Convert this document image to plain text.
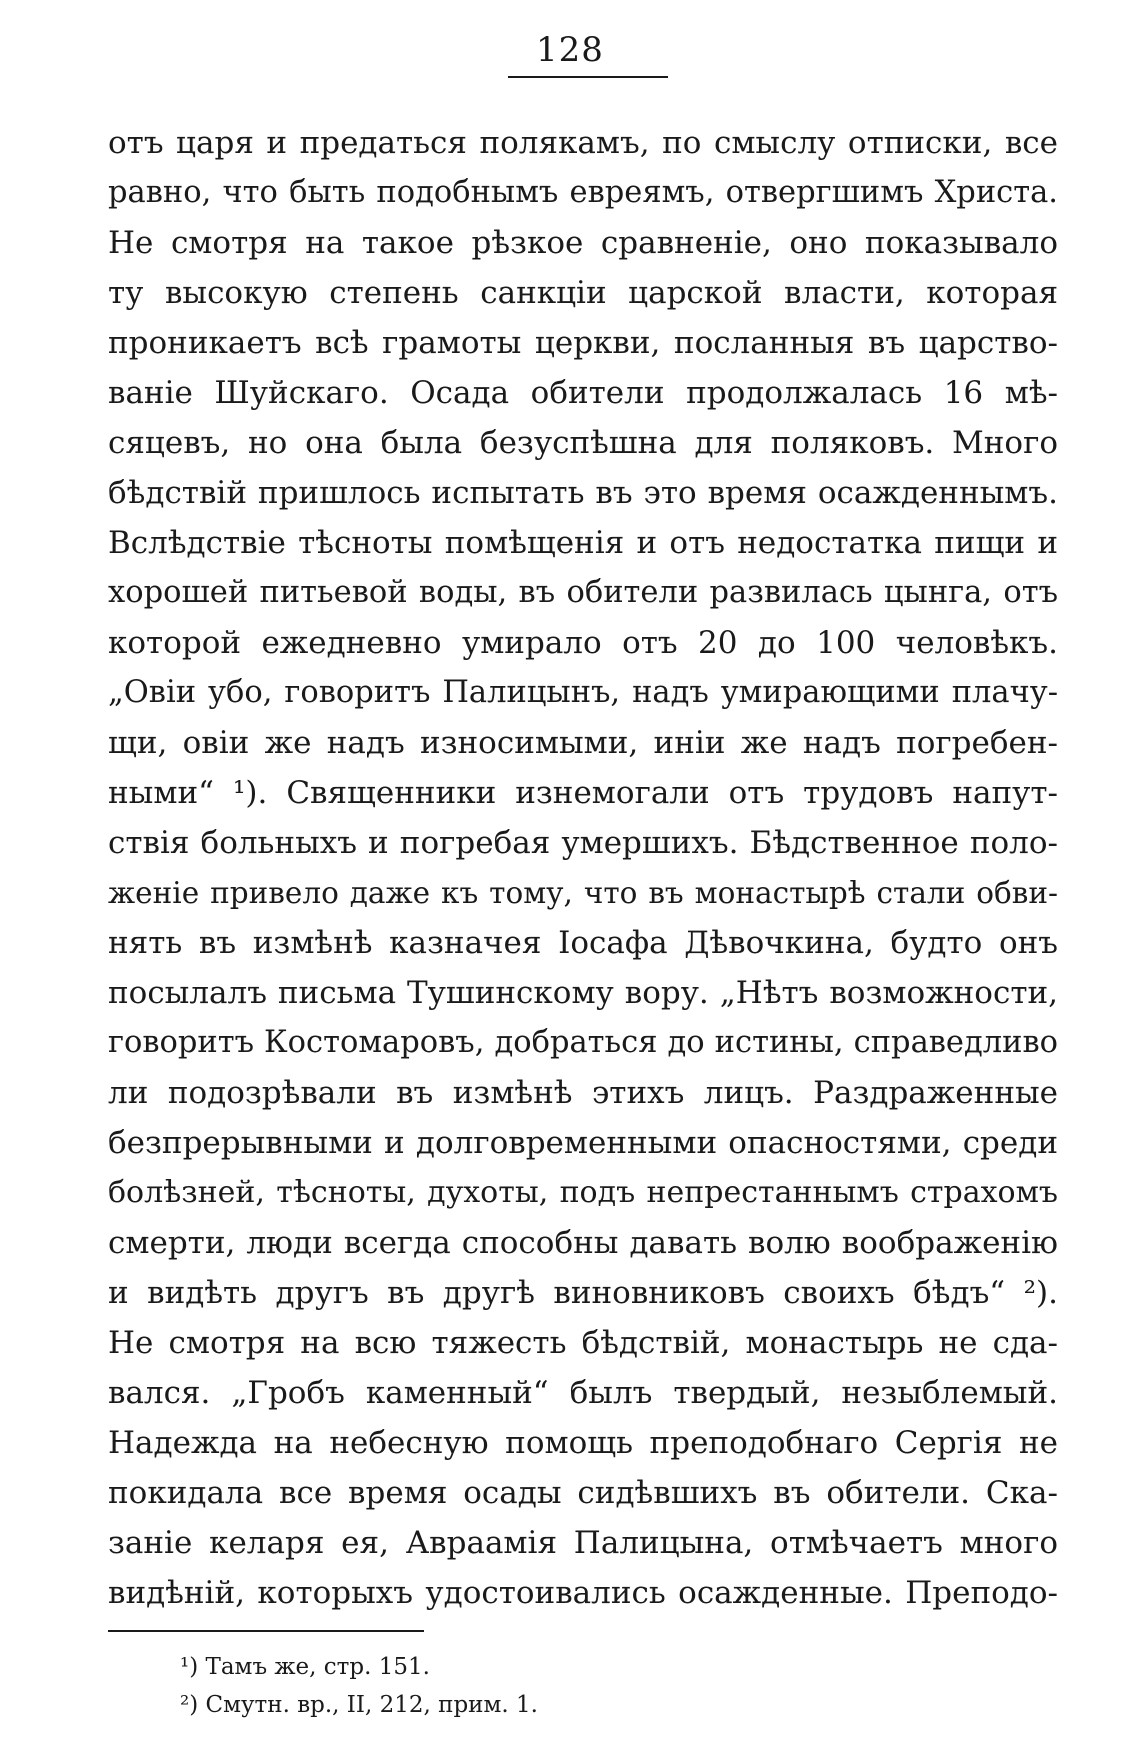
128
отъ царя и предаться полякамъ, по смыслу отписки, все
равно, что быть подобнымъ евреямъ, отвергшимъ Христа.
Не смотря на такое рѣзкое сравненіе, оно показывало
ту высокую степень санкціи царской власти, которая
проникаетъ всѣ грамоты церкви, посланныя въ царство-
ваніе Шуйскаго. Осада обители продолжалась 16 мѣ-
сяцевъ, но она была безуспѣшна для поляковъ. Много
бѣдствій пришлось испытать въ это время осажденнымъ.
Вслѣдствіе тѣсноты помѣщенія и отъ недостатка пищи и
хорошей питьевой воды, въ обители развилась цынга, отъ
которой ежедневно умирало отъ 20 до 100 человѣкъ.
„Овіи убо, говоритъ Палицынъ, надъ умирающими плачу-
щи, овіи же надъ износимыми, иніи же надъ погребен-
ными“ ¹). Священники изнемогали отъ трудовъ напут-
ствія больныхъ и погребая умершихъ. Бѣдственное поло-
женіе привело даже къ тому, что въ монастырѣ стали обви-
нять въ измѣнѣ казначея Іосафа Дѣвочкина, будто онъ
посылалъ письма Тушинскому вору. „Нѣтъ возможности,
говоритъ Костомаровъ, добраться до истины, справедливо
ли подозрѣвали въ измѣнѣ этихъ лицъ. Раздраженные
безпрерывными и долговременными опасностями, среди
болѣзней, тѣсноты, духоты, подъ непрестаннымъ страхомъ
смерти, люди всегда способны давать волю воображенію
и видѣть другъ въ другѣ виновниковъ своихъ бѣдъ“ ²).
Не смотря на всю тяжесть бѣдствій, монастырь не сда-
вался. „Гробъ каменный“ былъ твердый, незыблемый.
Надежда на небесную помощь преподобнаго Сергія не
покидала все время осады сидѣвшихъ въ обители. Ска-
заніе келаря ея, Авраамія Палицына, отмѣчаетъ много
видѣній, которыхъ удостоивались осажденные. Преподо-
¹) Тамъ же, стр. 151.
²) Смутн. вр., II, 212, прим. 1.
